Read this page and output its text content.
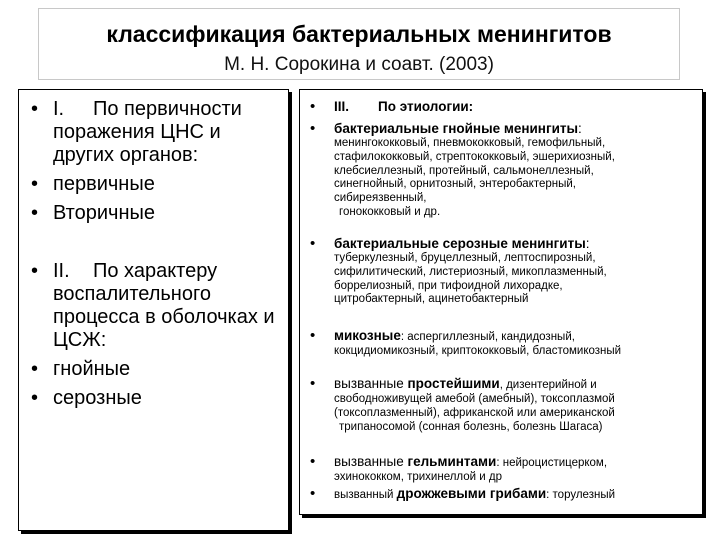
классификация бактериальных менингитов
М. Н. Сорокина и соавт. (2003)
• I. По первичности поражения ЦНС и других органов:
• первичные
• Вторичные
• II. По характеру воспалительного процесса в оболочках и ЦСЖ:
• гнойные
• серозные
• III. По этиологии:
• бактериальные гнойные менингиты:
менингококковый, пневмококковый, гемофильный,
стафилококковый, стрептококковый, эшерихиозный,
клебсиеллезный, протейный, сальмонеллезный,
синегнойный, орнитозный, энтеробактерный,
сибиреязвенный,
гонококковый и др.
• бактериальные серозные менингиты:
туберкулезный, бруцеллезный, лептоспирозный,
сифилитический, листериозный, микоплазменный,
боррелиозный, при тифоидной лихорадке,
цитробактерный, ацинетобактерный
• микозные: аспергиллезный, кандидозный,
кокцидиомикозный, криптококковый, бластомикозный
• вызванные простейшими, дизентерийной и
свободноживущей амебой (амебный), токсоплазмой
(токсоплазменный), африканской или американской
трипаносомой (сонная болезнь, болезнь Шагаса)
• вызванные гельминтами: нейроцистицерком,
эхинококком, трихинеллой и др
• вызванный дрожжевыми грибами: торулезный
